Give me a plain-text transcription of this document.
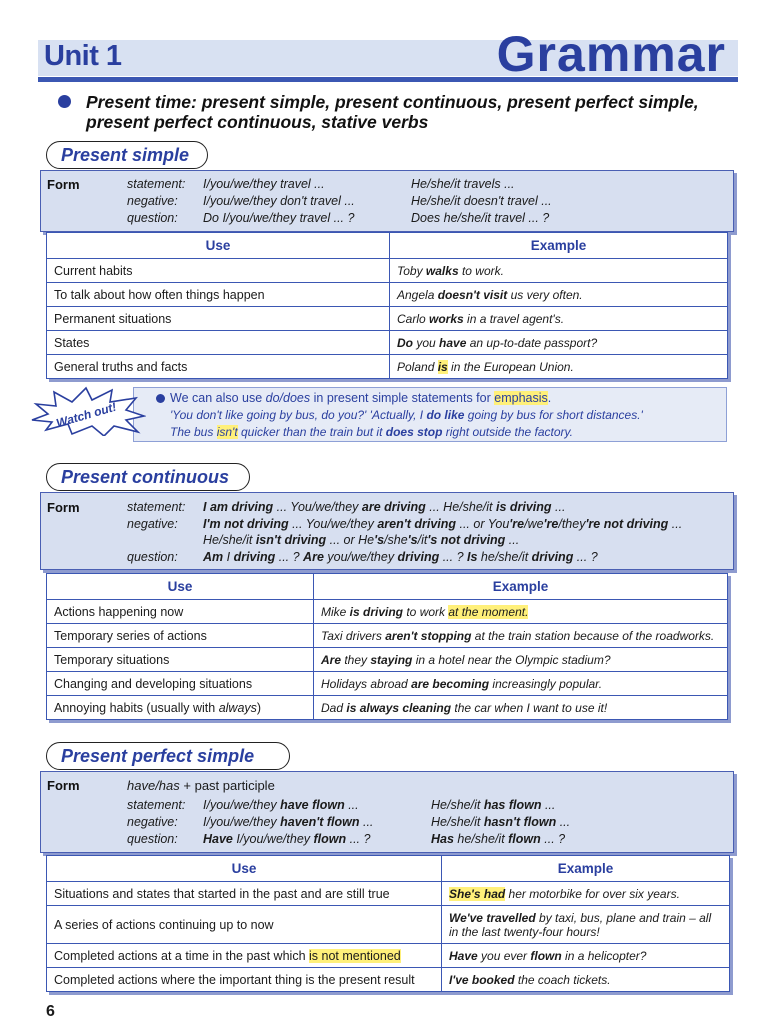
Unit 1	Grammar
Present time: present simple, present continuous, present perfect simple, present perfect continuous, stative verbs
Present simple
Form	statement: I/you/we/they travel ...	He/she/it travels ...
negative: I/you/we/they don't travel ...	He/she/it doesn't travel ...
question: Do I/you/we/they travel ... ?	Does he/she/it travel ... ?
Use	Example
Current habits	Toby walks to work.
To talk about how often things happen	Angela doesn't visit us very often.
Permanent situations	Carlo works in a travel agent's.
States	Do you have an up-to-date passport?
General truths and facts	Poland is in the European Union.
Watch out!
We can also use do/does in present simple statements for emphasis.
'You don't like going by bus, do you?' 'Actually, I do like going by bus for short distances.'
The bus isn't quicker than the train but it does stop right outside the factory.
Present continuous
Form	statement: I am driving ... You/we/they are driving ... He/she/it is driving ...
negative: I'm not driving ... You/we/they aren't driving ... or You're/we're/they're not driving ...
He/she/it isn't driving ... or He's/she's/it's not driving ...
question: Am I driving ... ? Are you/we/they driving ... ? Is he/she/it driving ... ?
Use	Example
Actions happening now	Mike is driving to work at the moment.
Temporary series of actions	Taxi drivers aren't stopping at the train station because of the roadworks.
Temporary situations	Are they staying in a hotel near the Olympic stadium?
Changing and developing situations	Holidays abroad are becoming increasingly popular.
Annoying habits (usually with always)	Dad is always cleaning the car when I want to use it!
Present perfect simple
Form	have/has + past participle
statement: I/you/we/they have flown ...	He/she/it has flown ...
negative: I/you/we/they haven't flown ...	He/she/it hasn't flown ...
question: Have I/you/we/they flown ... ?	Has he/she/it flown ... ?
Use	Example
Situations and states that started in the past and are still true	She's had her motorbike for over six years.
A series of actions continuing up to now	We've travelled by taxi, bus, plane and train – all in the last twenty-four hours!
Completed actions at a time in the past which is not mentioned	Have you ever flown in a helicopter?
Completed actions where the important thing is the present result	I've booked the coach tickets.
6
